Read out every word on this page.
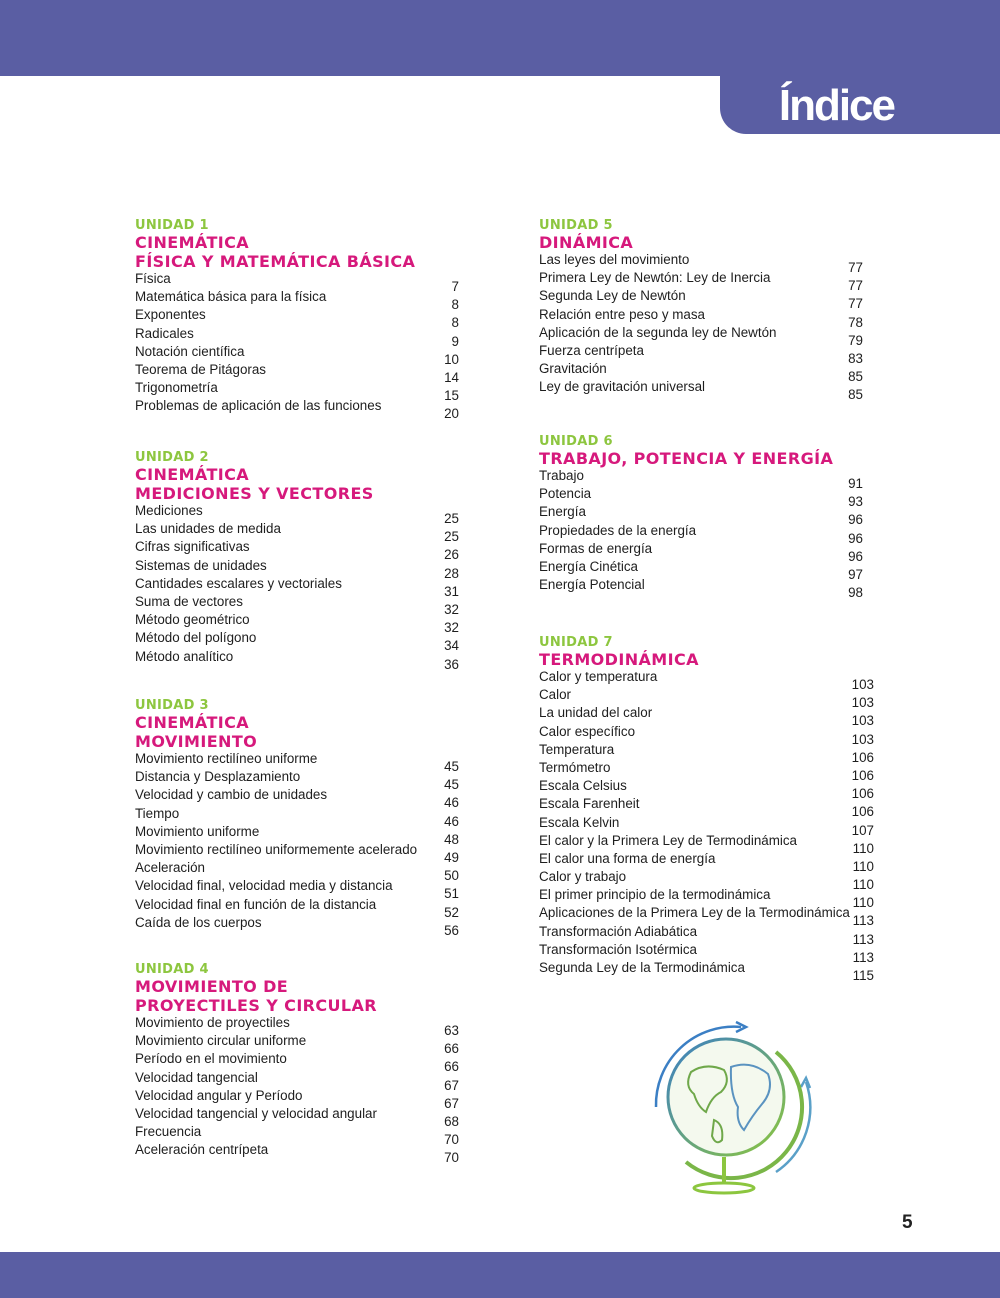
Índice
UNIDAD 1
CINEMÁTICA
FÍSICA Y MATEMÁTICA BÁSICA
Física
7
Matemática básica para la física
8
Exponentes
8
Radicales
9
Notación científica
10
Teorema de Pitágoras
14
Trigonometría
15
Problemas de aplicación de las funciones
20
UNIDAD 2
CINEMÁTICA
MEDICIONES Y VECTORES
Mediciones
25
Las unidades de medida
25
Cifras significativas
26
Sistemas de unidades
28
Cantidades escalares y vectoriales
31
Suma de vectores
32
Método geométrico
32
Método del polígono
34
Método analítico
36
UNIDAD 3
CINEMÁTICA
MOVIMIENTO
Movimiento rectilíneo uniforme
45
Distancia y Desplazamiento
45
Velocidad y cambio de unidades
46
Tiempo
46
Movimiento uniforme
48
Movimiento rectilíneo uniformemente acelerado
49
Aceleración
50
Velocidad final, velocidad media y distancia
51
Velocidad final en función de la distancia
52
Caída de los cuerpos
56
UNIDAD 4
MOVIMIENTO DE
PROYECTILES Y CIRCULAR
Movimiento de proyectiles
63
Movimiento circular uniforme
66
Período en el movimiento
66
Velocidad tangencial
67
Velocidad angular y Período
67
Velocidad tangencial y velocidad angular
68
Frecuencia
70
Aceleración centrípeta
70
UNIDAD 5
DINÁMICA
Las leyes del movimiento
77
Primera Ley de Newtón: Ley de Inercia
77
Segunda Ley de Newtón
77
Relación entre peso y masa
78
Aplicación de la segunda ley de Newtón
79
Fuerza centrípeta
83
Gravitación
85
Ley de gravitación universal
85
UNIDAD 6
TRABAJO, POTENCIA Y ENERGÍA
Trabajo
91
Potencia
93
Energía
96
Propiedades de la energía
96
Formas de energía
96
Energía Cinética
97
Energía Potencial
98
UNIDAD 7
TERMODINÁMICA
Calor y temperatura
103
Calor
103
La unidad del calor
103
Calor específico
103
Temperatura
106
Termómetro
106
Escala Celsius
106
Escala Farenheit
106
Escala Kelvin
107
El calor y la Primera Ley de Termodinámica
110
El calor una forma de energía
110
Calor y trabajo
110
El primer principio de la termodinámica
110
Aplicaciones de la Primera Ley de la Termodinámica
113
Transformación Adiabática
113
Transformación Isotérmica
113
Segunda Ley de la Termodinámica
115
5
